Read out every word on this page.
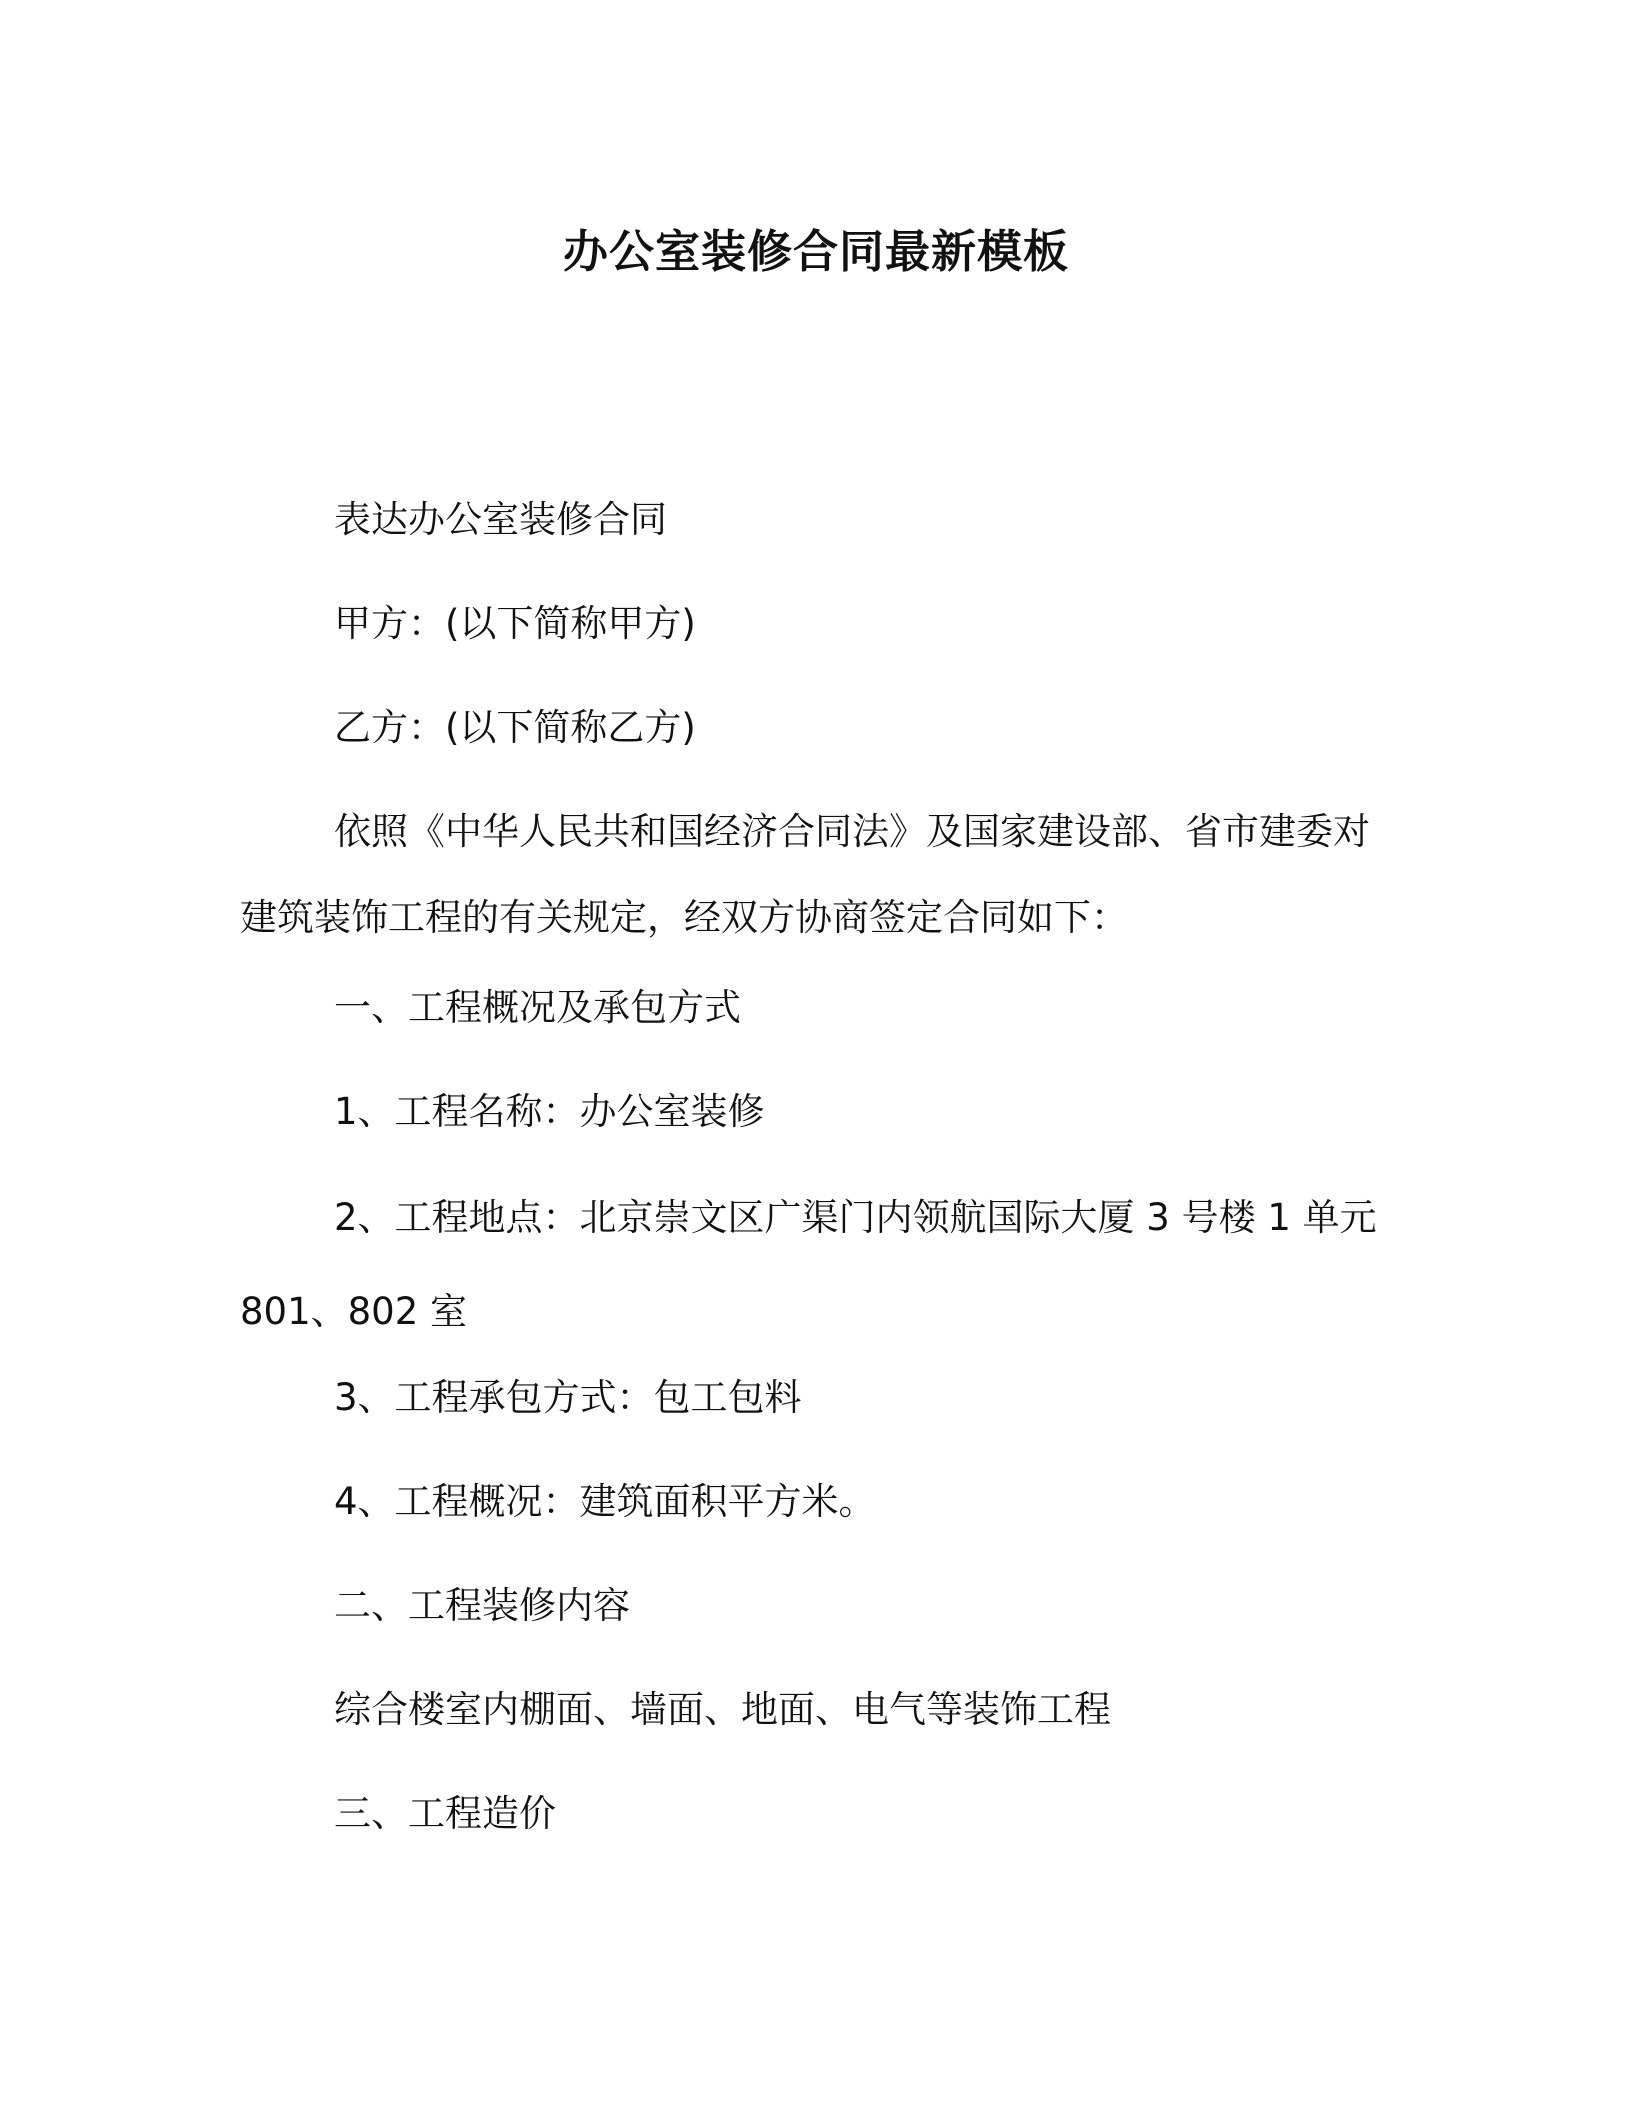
办公室装修合同最新模板
表达办公室装修合同
甲方：(以下简称甲方)
乙方：(以下简称乙方)
依照《中华人民共和国经济合同法》及国家建设部、省市建委对
建筑装饰工程的有关规定，经双方协商签定合同如下：
一、工程概况及承包方式
1、工程名称：办公室装修
2、工程地点：北京崇文区广渠门内领航国际大厦 3 号楼 1 单元
801、802 室
3、工程承包方式：包工包料
4、工程概况：建筑面积平方米。
二、工程装修内容
综合楼室内棚面、墙面、地面、电气等装饰工程
三、工程造价
